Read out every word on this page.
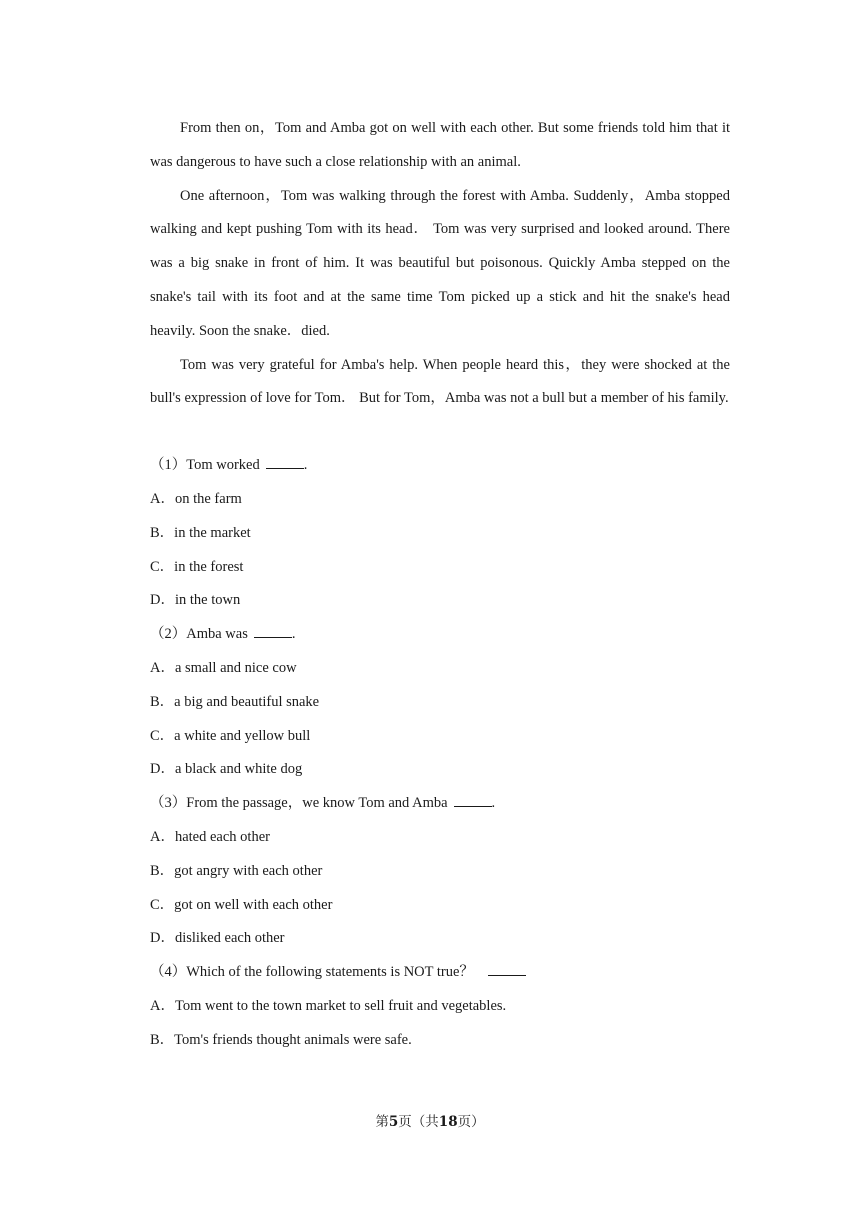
From then on，Tom and Amba got on well with each other. But some friends told him that it was dangerous to have such a close relationship with an animal.

One afternoon，Tom was walking through the forest with Amba. Suddenly，Amba stopped walking and kept pushing Tom with its head． Tom was very surprised and looked around. There was a big snake in front of him. It was beautiful but poisonous. Quickly Amba stepped on the snake's tail with its foot and at the same time Tom picked up a stick and hit the snake's head heavily. Soon the snake．died.

Tom was very grateful for Amba's help. When people heard this，they were shocked at the bull's expression of love for Tom． But for Tom，Amba was not a bull but a member of his family.

（1）Tom worked	.
A．on the farm
B．in the market
C．in the forest
D．in the town
（2）Amba was	.
A．a small and nice cow
B．a big and beautiful snake
C．a white and yellow bull
D．a black and white dog
（3）From the passage，we know Tom and Amba	.
A．hated each other
B．got angry with each other
C．got on well with each other
D．disliked each other
（4）Which of the following statements is NOT true？
A．Tom went to the town market to sell fruit and vegetables.
B．Tom's friends thought animals were safe.
第5页（共18页）
